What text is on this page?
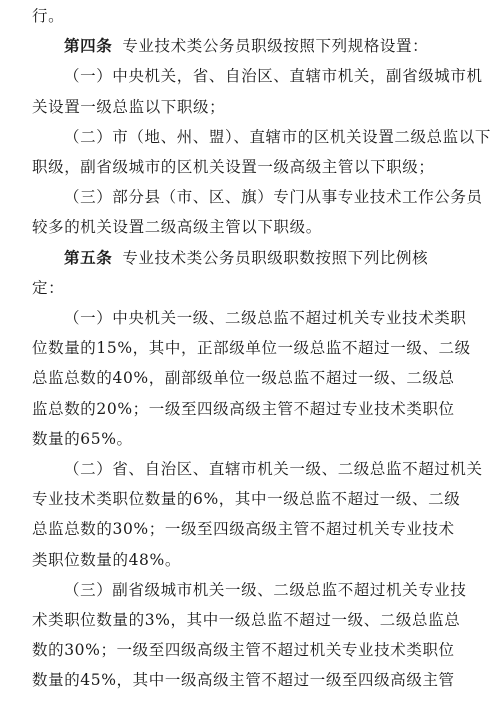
行。
第四条 专业技术类公务员职级按照下列规格设置：
（一）中央机关，省、自治区、直辖市机关，副省级城市机
关设置一级总监以下职级；
（二）市（地、州、盟）、直辖市的区机关设置二级总监以下
职级，副省级城市的区机关设置一级高级主管以下职级；
（三）部分县（市、区、旗）专门从事专业技术工作公务员
较多的机关设置二级高级主管以下职级。
第五条 专业技术类公务员职级职数按照下列比例核
定：
（一）中央机关一级、二级总监不超过机关专业技术类职
位数量的15%，其中，正部级单位一级总监不超过一级、二级
总监总数的40%，副部级单位一级总监不超过一级、二级总
监总数的20%；一级至四级高级主管不超过专业技术类职位
数量的65%。
（二）省、自治区、直辖市机关一级、二级总监不超过机关
专业技术类职位数量的6%，其中一级总监不超过一级、二级
总监总数的30%；一级至四级高级主管不超过机关专业技术
类职位数量的48%。
（三）副省级城市机关一级、二级总监不超过机关专业技
术类职位数量的3%，其中一级总监不超过一级、二级总监总
数的30%；一级至四级高级主管不超过机关专业技术类职位
数量的45%，其中一级高级主管不超过一级至四级高级主管
